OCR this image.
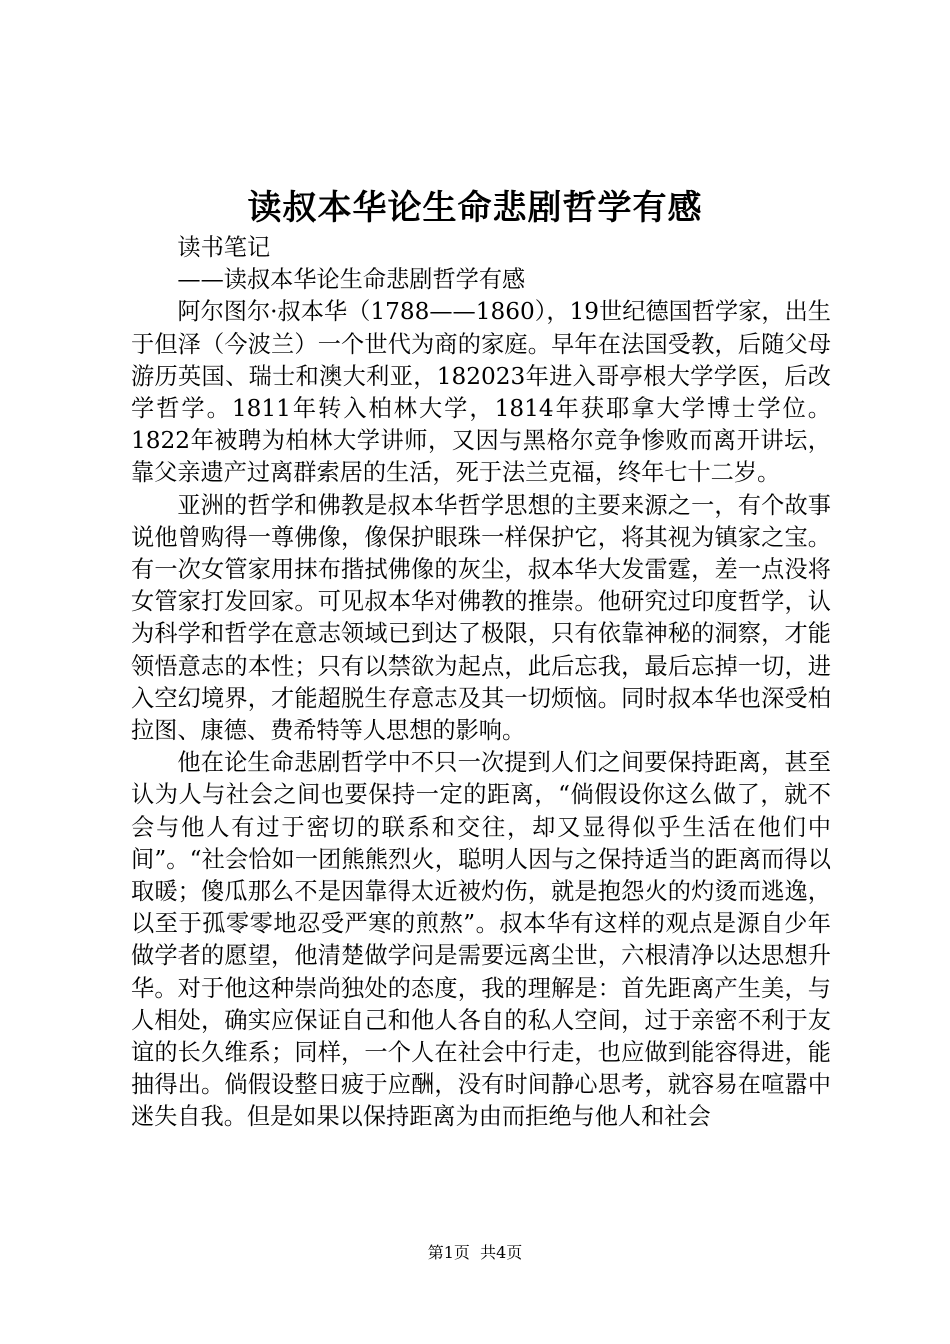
读叔本华论生命悲剧哲学有感

读书笔记

——读叔本华论生命悲剧哲学有感

阿尔图尔·叔本华（1788——1860），19世纪德国哲学家，出生于但泽（今波兰）一个世代为商的家庭。早年在法国受教，后随父母游历英国、瑞士和澳大利亚，182023年进入哥亭根大学学医，后改学哲学。1811年转入柏林大学，1814年获耶拿大学博士学位。1822年被聘为柏林大学讲师，又因与黑格尔竞争惨败而离开讲坛，靠父亲遗产过离群索居的生活，死于法兰克福，终年七十二岁。

亚洲的哲学和佛教是叔本华哲学思想的主要来源之一，有个故事说他曾购得一尊佛像，像保护眼珠一样保护它，将其视为镇家之宝。有一次女管家用抹布揩拭佛像的灰尘，叔本华大发雷霆，差一点没将女管家打发回家。可见叔本华对佛教的推崇。他研究过印度哲学，认为科学和哲学在意志领域已到达了极限，只有依靠神秘的洞察，才能领悟意志的本性；只有以禁欲为起点，此后忘我，最后忘掉一切，进入空幻境界，才能超脱生存意志及其一切烦恼。同时叔本华也深受柏拉图、康德、费希特等人思想的影响。

他在论生命悲剧哲学中不只一次提到人们之间要保持距离，甚至认为人与社会之间也要保持一定的距离，“倘假设你这么做了，就不会与他人有过于密切的联系和交往，却又显得似乎生活在他们中间”。“社会恰如一团熊熊烈火，聪明人因与之保持适当的距离而得以取暖；傻瓜那么不是因靠得太近被灼伤，就是抱怨火的灼烫而逃逸，以至于孤零零地忍受严寒的煎熬”。叔本华有这样的观点是源自少年做学者的愿望，他清楚做学问是需要远离尘世，六根清净以达思想升华。对于他这种崇尚独处的态度，我的理解是：首先距离产生美，与人相处，确实应保证自己和他人各自的私人空间，过于亲密不利于友谊的长久维系；同样，一个人在社会中行走，也应做到能容得进，能抽得出。倘假设整日疲于应酬，没有时间静心思考，就容易在喧嚣中迷失自我。但是如果以保持距离为由而拒绝与他人和社会

第1页 共4页
